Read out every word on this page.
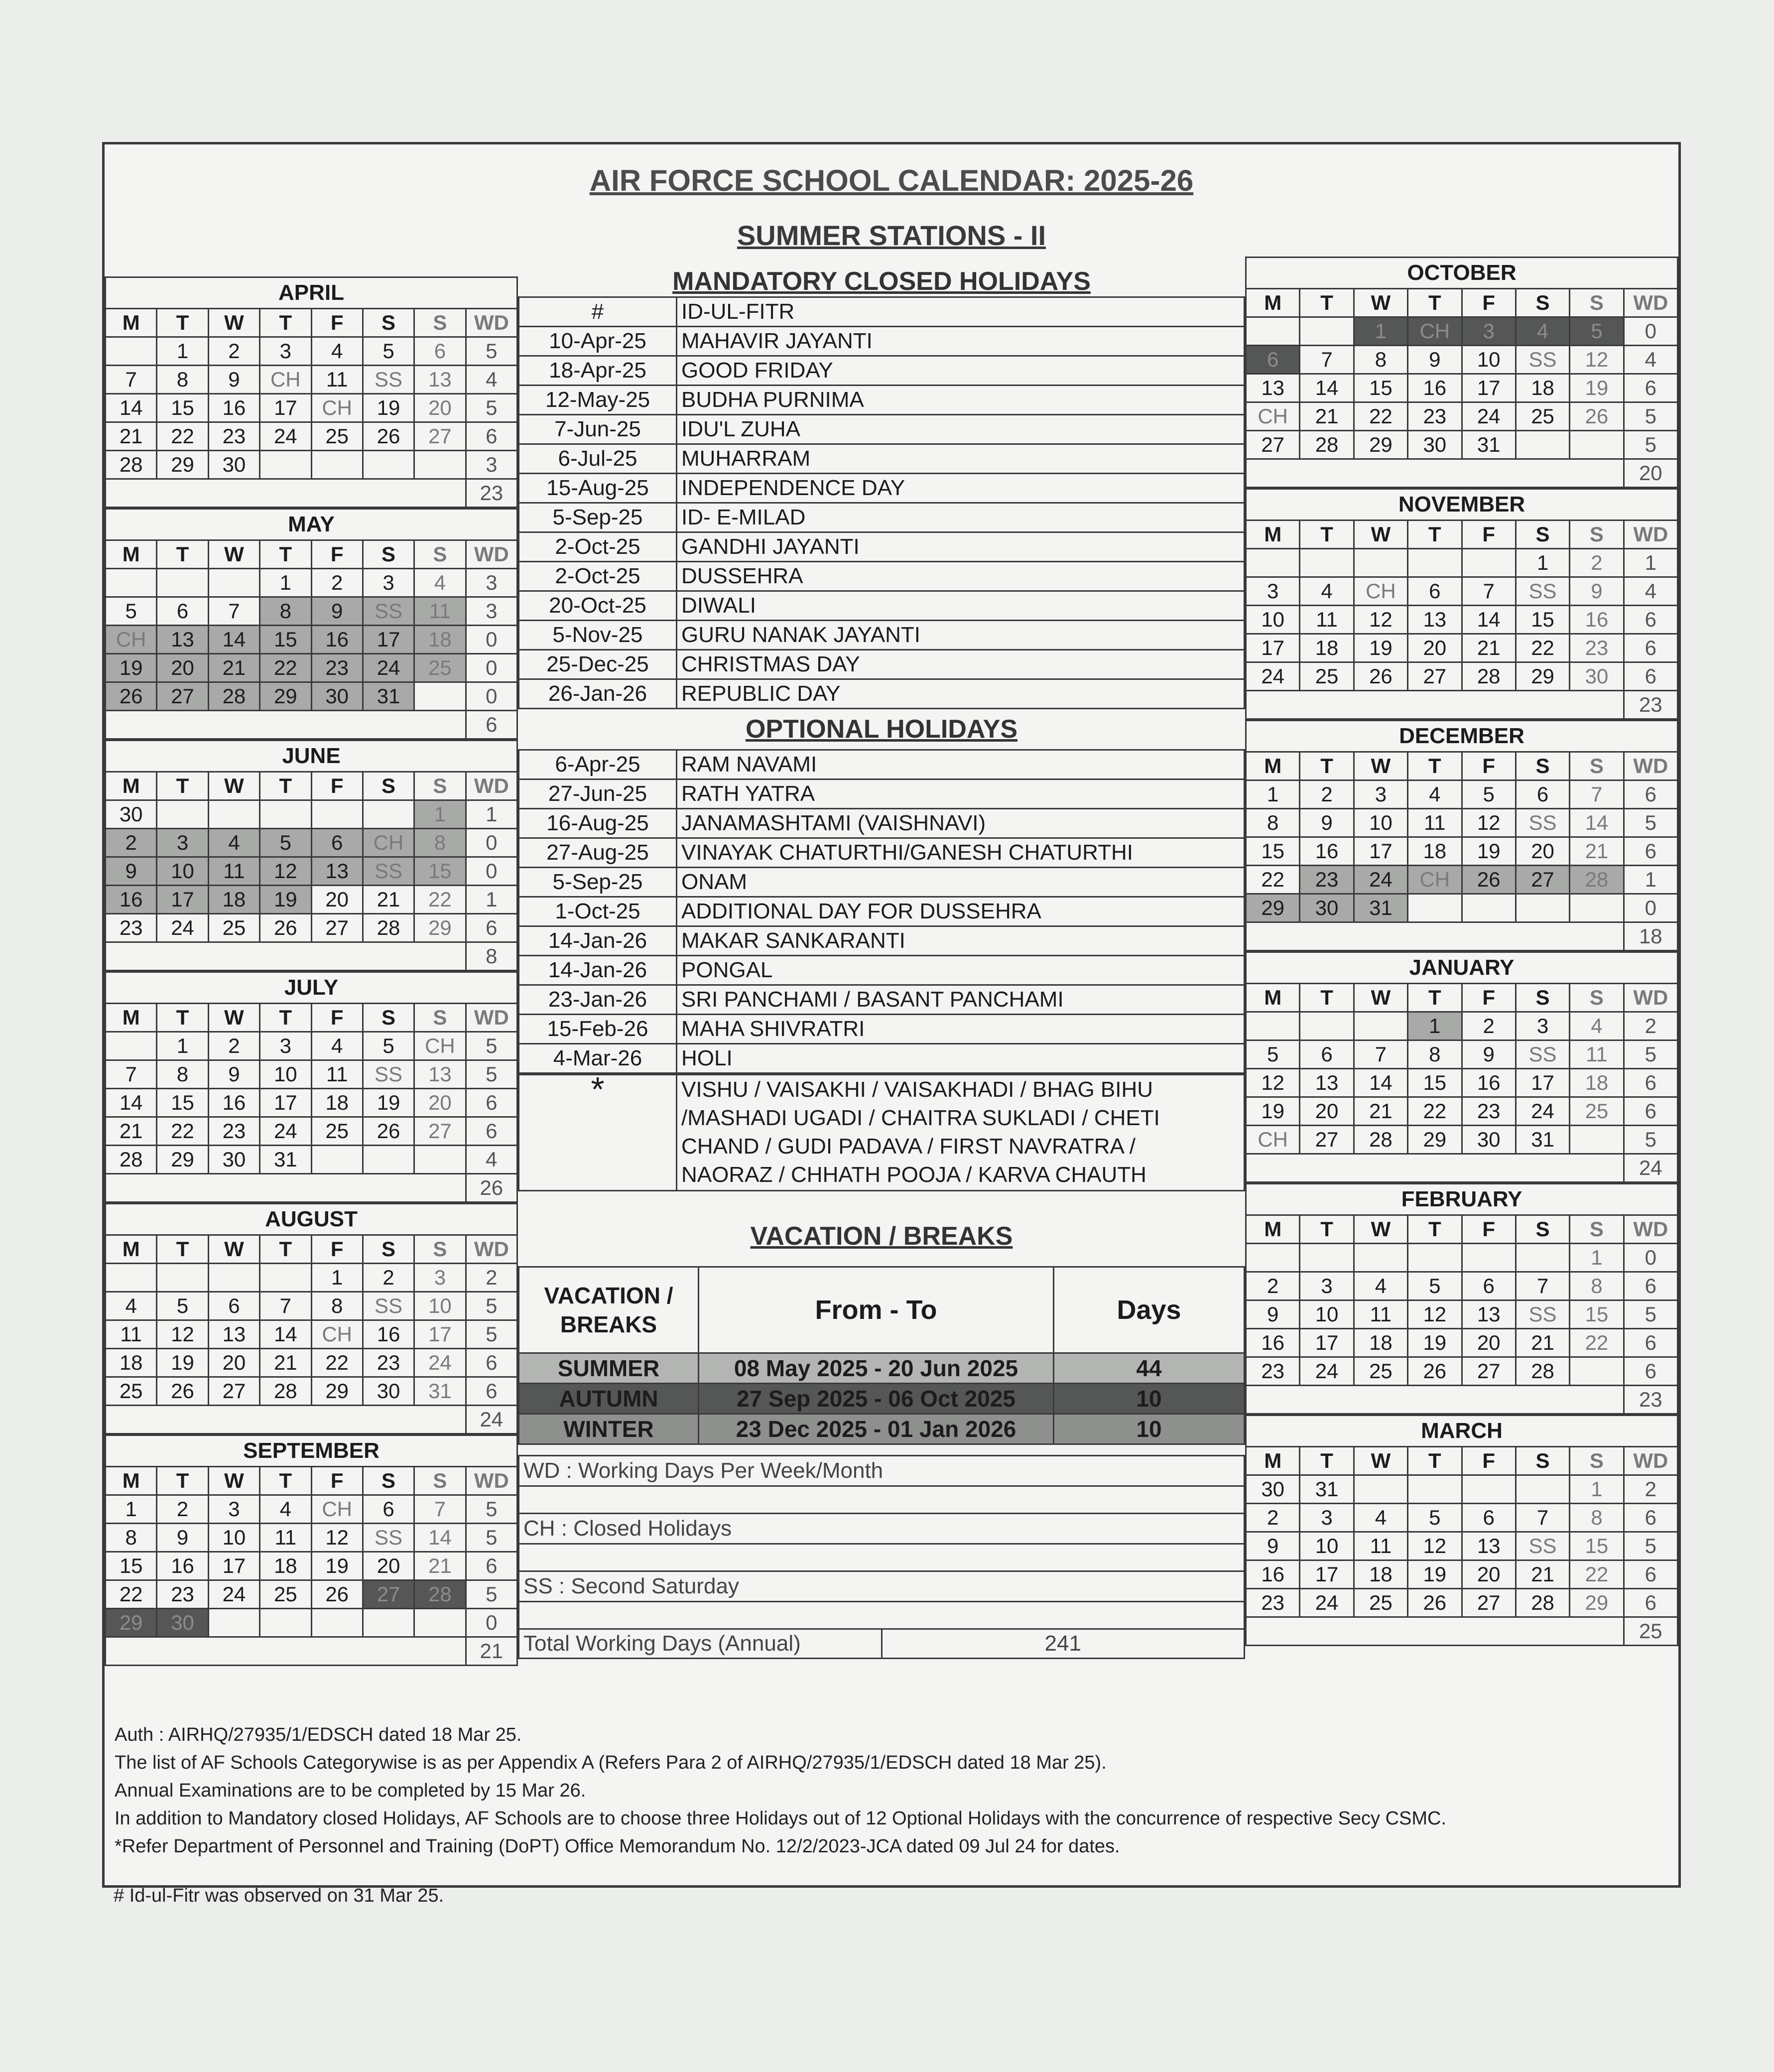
AIR FORCE SCHOOL CALENDAR: 2025-26
SUMMER STATIONS - II
APRIL							
M	T	W	T	F	S	S	WD
	1	2	3	4	5	6	5
7	8	9	CH	11	SS	13	4
14	15	16	17	CH	19	20	5
21	22	23	24	25	26	27	6
28	29	30					3
							23
MAY							
M	T	W	T	F	S	S	WD
			1	2	3	4	3
5	6	7	8	9	SS	11	3
CH	13	14	15	16	17	18	0
19	20	21	22	23	24	25	0
26	27	28	29	30	31		0
							6
JUNE							
M	T	W	T	F	S	S	WD
30						1	1
2	3	4	5	6	CH	8	0
9	10	11	12	13	SS	15	0
16	17	18	19	20	21	22	1
23	24	25	26	27	28	29	6
							8
JULY							
M	T	W	T	F	S	S	WD
	1	2	3	4	5	CH	5
7	8	9	10	11	SS	13	5
14	15	16	17	18	19	20	6
21	22	23	24	25	26	27	6
28	29	30	31				4
							26
AUGUST							
M	T	W	T	F	S	S	WD
				1	2	3	2
4	5	6	7	8	SS	10	5
11	12	13	14	CH	16	17	5
18	19	20	21	22	23	24	6
25	26	27	28	29	30	31	6
							24
SEPTEMBER							
M	T	W	T	F	S	S	WD
1	2	3	4	CH	6	7	5
8	9	10	11	12	SS	14	5
15	16	17	18	19	20	21	6
22	23	24	25	26	27	28	5
29	30						0
							21
OCTOBER							
M	T	W	T	F	S	S	WD
		1	CH	3	4	5	0
6	7	8	9	10	SS	12	4
13	14	15	16	17	18	19	6
CH	21	22	23	24	25	26	5
27	28	29	30	31			5
							20
NOVEMBER							
M	T	W	T	F	S	S	WD
					1	2	1
3	4	CH	6	7	SS	9	4
10	11	12	13	14	15	16	6
17	18	19	20	21	22	23	6
24	25	26	27	28	29	30	6
							23
DECEMBER							
M	T	W	T	F	S	S	WD
1	2	3	4	5	6	7	6
8	9	10	11	12	SS	14	5
15	16	17	18	19	20	21	6
22	23	24	CH	26	27	28	1
29	30	31					0
							18
JANUARY							
M	T	W	T	F	S	S	WD
			1	2	3	4	2
5	6	7	8	9	SS	11	5
12	13	14	15	16	17	18	6
19	20	21	22	23	24	25	6
CH	27	28	29	30	31		5
							24
FEBRUARY							
M	T	W	T	F	S	S	WD
						1	0
2	3	4	5	6	7	8	6
9	10	11	12	13	SS	15	5
16	17	18	19	20	21	22	6
23	24	25	26	27	28		6
							23
MARCH							
M	T	W	T	F	S	S	WD
30	31					1	2
2	3	4	5	6	7	8	6
9	10	11	12	13	SS	15	5
16	17	18	19	20	21	22	6
23	24	25	26	27	28	29	6
							25
MANDATORY CLOSED HOLIDAYS
#	ID-UL-FITR
10-Apr-25	MAHAVIR JAYANTI
18-Apr-25	GOOD FRIDAY
12-May-25	BUDHA PURNIMA
7-Jun-25	IDU'L ZUHA
6-Jul-25	MUHARRAM
15-Aug-25	INDEPENDENCE DAY
5-Sep-25	ID- E-MILAD
2-Oct-25	GANDHI JAYANTI
2-Oct-25	DUSSEHRA
20-Oct-25	DIWALI
5-Nov-25	GURU NANAK JAYANTI
25-Dec-25	CHRISTMAS DAY
26-Jan-26	REPUBLIC DAY
OPTIONAL HOLIDAYS
6-Apr-25	RAM NAVAMI
27-Jun-25	RATH YATRA
16-Aug-25	JANAMASHTAMI (VAISHNAVI)
27-Aug-25	VINAYAK CHATURTHI/GANESH CHATURTHI
5-Sep-25	ONAM
1-Oct-25	ADDITIONAL DAY FOR DUSSEHRA
14-Jan-26	MAKAR SANKARANTI
14-Jan-26	PONGAL
23-Jan-26	SRI PANCHAMI / BASANT PANCHAMI
15-Feb-26	MAHA SHIVRATRI
4-Mar-26	HOLI
*	VISHU / VAISAKHI / VAISAKHADI / BHAG BIHU
/MASHADI UGADI / CHAITRA SUKLADI / CHETI
CHAND / GUDI PADAVA / FIRST NAVRATRA /
NAORAZ / CHHATH POOJA / KARVA CHAUTH
VACATION / BREAKS
VACATION / BREAKS	From - To	Days
SUMMER	08 May 2025 - 20 Jun 2025	44
AUTUMN	27 Sep 2025 - 06 Oct 2025	10
WINTER	23 Dec 2025 - 01 Jan 2026	10
WD : Working Days Per Week/Month

CH : Closed Holidays

SS : Second Saturday

Total Working Days (Annual)	241
Auth : AIRHQ/27935/1/EDSCH dated 18 Mar 25.
The list of AF Schools Categorywise is as per Appendix A (Refers Para 2 of AIRHQ/27935/1/EDSCH dated 18 Mar 25).
Annual Examinations are to be completed by 15 Mar 26.
In addition to Mandatory closed Holidays, AF Schools are to choose three Holidays out of 12 Optional Holidays with the concurrence of respective Secy CSMC.
*Refer Department of Personnel and Training (DoPT) Office Memorandum No. 12/2/2023-JCA dated 09 Jul 24 for dates.
# Id-ul-Fitr was observed on 31 Mar 25.
